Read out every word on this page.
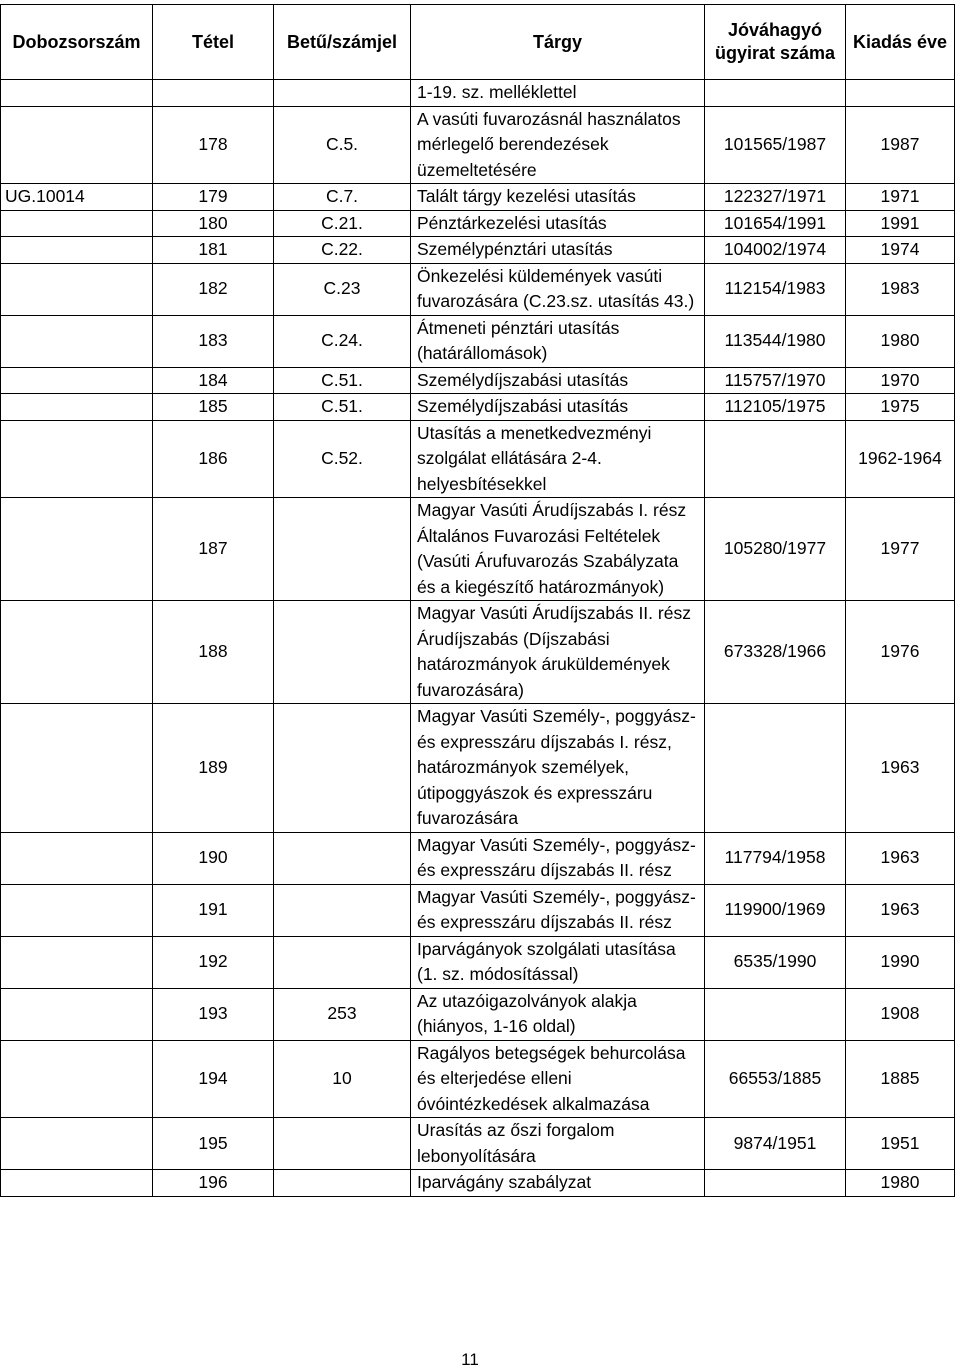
Dobozsorszám	Tétel	Betű/számjel	Tárgy	Jóváhagyó ügyirat száma	Kiadás éve
			1-19. sz. melléklettel		
	178	C.5.	A vasúti fuvarozásnál használatos mérlegelő berendezések üzemeltetésére	101565/1987	1987
UG.10014	179	C.7.	Talált tárgy kezelési utasítás	122327/1971	1971
	180	C.21.	Pénztárkezelési utasítás	101654/1991	1991
	181	C.22.	Személypénztári utasítás	104002/1974	1974
	182	C.23	Önkezelési küldemények vasúti fuvarozására (C.23.sz. utasítás 43.)	112154/1983	1983
	183	C.24.	Átmeneti pénztári utasítás (határállomások)	113544/1980	1980
	184	C.51.	Személydíjszabási utasítás	115757/1970	1970
	185	C.51.	Személydíjszabási utasítás	112105/1975	1975
	186	C.52.	Utasítás a menetkedvezményi szolgálat ellátására 2-4. helyesbítésekkel		1962-1964
	187		Magyar Vasúti Árudíjszabás I. rész Általános Fuvarozási Feltételek (Vasúti Árufuvarozás Szabályzata és a kiegészítő határozmányok)	105280/1977	1977
	188		Magyar Vasúti Árudíjszabás II. rész Árudíjszabás (Díjszabási határozmányok áruküldemények fuvarozására)	673328/1966	1976
	189		Magyar Vasúti Személy-, poggyász-és expresszáru díjszabás I. rész, határozmányok személyek, útipoggyászok és expresszáru fuvarozására		1963
	190		Magyar Vasúti Személy-, poggyász-és expresszáru díjszabás II. rész	117794/1958	1963
	191		Magyar Vasúti Személy-, poggyász-és expresszáru díjszabás II. rész	119900/1969	1963
	192		Iparvágányok szolgálati utasítása (1. sz. módosítással)	6535/1990	1990
	193	253	Az utazóigazolványok alakja (hiányos, 1-16 oldal)		1908
	194	10	Ragályos betegségek behurcolása és elterjedése elleni óvóintézkedések alkalmazása	66553/1885	1885
	195		Urasítás az őszi forgalom lebonyolítására	9874/1951	1951
	196		Iparvágány szabályzat		1980
11
